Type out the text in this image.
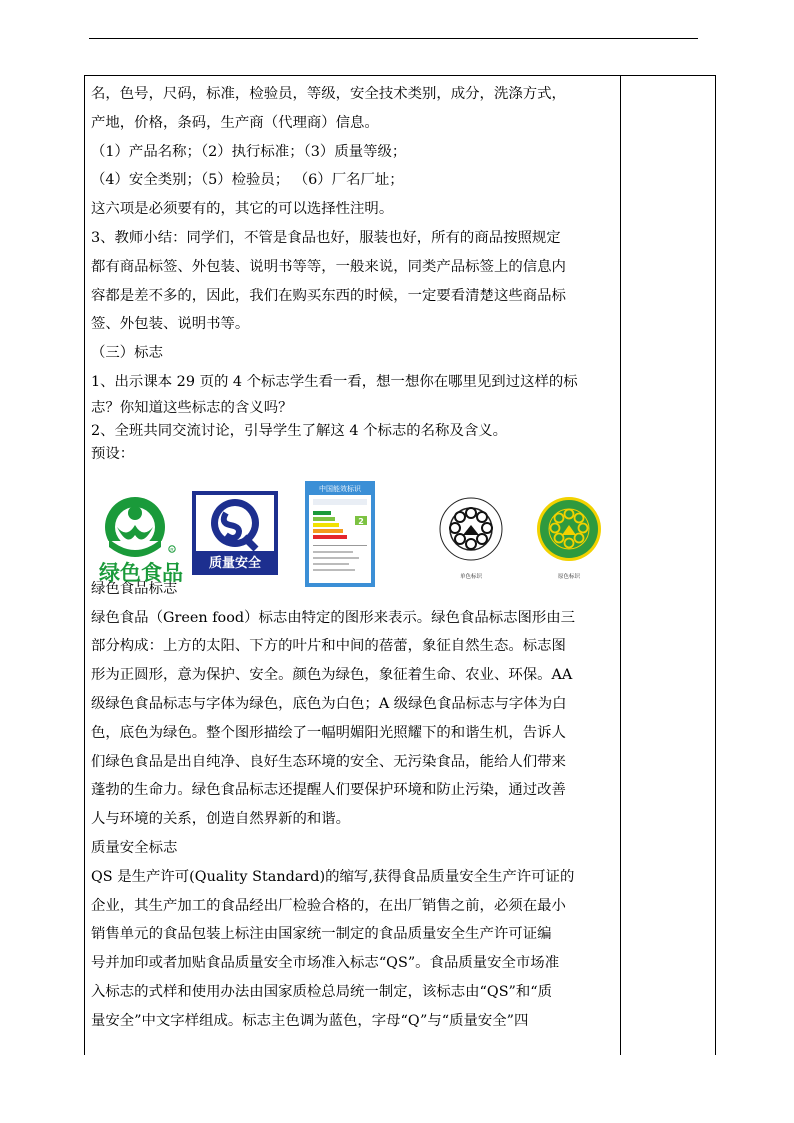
名，色号，尺码，标准，检验员，等级，安全技术类别，成分，洗涤方式，
产地，价格，条码，生产商（代理商）信息。
（1）产品名称；（2）执行标准；（3）质量等级；
（4）安全类别；（5）检验员； （6）厂名厂址；
这六项是必须要有的，其它的可以选择性注明。
3、教师小结：同学们，不管是食品也好，服装也好，所有的商品按照规定
都有商品标签、外包装、说明书等等，一般来说，同类产品标签上的信息内
容都是差不多的，因此，我们在购买东西的时候，一定要看清楚这些商品标
签、外包装、说明书等。
（三）标志
1、出示课本 29 页的 4 个标志学生看一看，想一想你在哪里见到过这样的标
志？你知道这些标志的含义吗？
2、全班共同交流讨论，引导学生了解这 4 个标志的名称及含义。
预设：
绿色食品标志
绿色食品（Green food）标志由特定的图形来表示。绿色食品标志图形由三
部分构成：上方的太阳、下方的叶片和中间的蓓蕾，象征自然生态。标志图
形为正圆形，意为保护、安全。颜色为绿色，象征着生命、农业、环保。AA
级绿色食品标志与字体为绿色，底色为白色；A 级绿色食品标志与字体为白
色，底色为绿色。整个图形描绘了一幅明媚阳光照耀下的和谐生机，告诉人
们绿色食品是出自纯净、良好生态环境的安全、无污染食品，能给人们带来
蓬勃的生命力。绿色食品标志还提醒人们要保护环境和防止污染，通过改善
人与环境的关系，创造自然界新的和谐。
质量安全标志
QS 是生产许可(Quality Standard)的缩写,获得食品质量安全生产许可证的
企业，其生产加工的食品经出厂检验合格的，在出厂销售之前，必须在最小
销售单元的食品包装上标注由国家统一制定的食品质量安全生产许可证编
号并加印或者加贴食品质量安全市场准入标志“QS”。食品质量安全市场准
入标志的式样和使用办法由国家质检总局统一制定，该标志由“QS”和“质
量安全”中文字样组成。标志主色调为蓝色，字母“Q”与“质量安全”四
R
绿色食品 质量安全
中国能效标识
2
单色标识	原色标识
